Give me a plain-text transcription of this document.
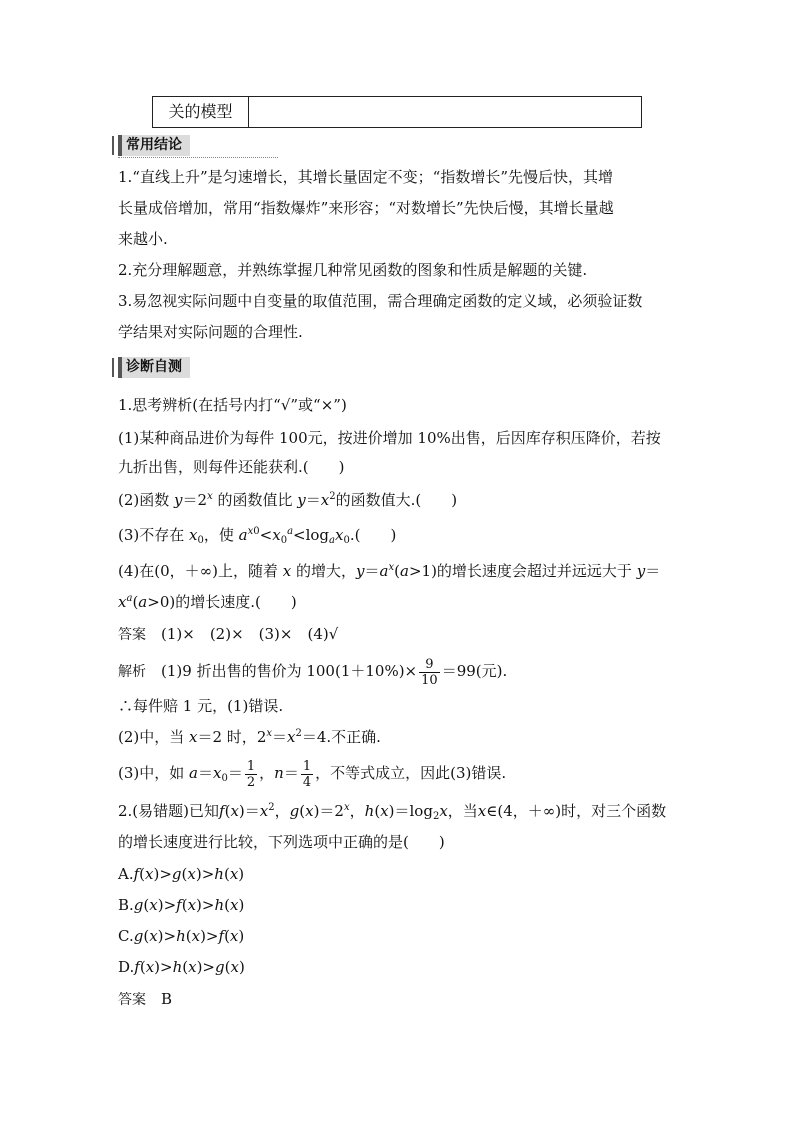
关的模型
常用结论
1.“直线上升”是匀速增长，其增长量固定不变；“指数增长”先慢后快，其增
长量成倍增加，常用“指数爆炸”来形容；“对数增长”先快后慢，其增长量越
来越小.
2.充分理解题意，并熟练掌握几种常见函数的图象和性质是解题的关键.
3.易忽视实际问题中自变量的取值范围，需合理确定函数的定义域，必须验证数
学结果对实际问题的合理性.
诊断自测
1.思考辨析(在括号内打“√”或“×”)
(1)某种商品进价为每件 100元，按进价增加 10%出售，后因库存积压降价，若按
九折出售，则每件还能获利.(　　)
(2)函数 $y=2^x$ 的函数值比 $y=x^2$的函数值大.(　　)
(3)不存在 $x_0$，使 $a^{x0}<x_0^a<\log_ax_0$.(　　)
(4)在(0，＋∞)上，随着 x 的增大，$y=a^x(a>1)$的增长速度会超过并远远大于 y＝
$x^a(a>0)$的增长速度.(　　)
答案　 (1)×　(2)×　(3)×　(4)√
解析　 (1)9 折出售的售价为 $100(1+10\%)\times \frac{9}{10} =99$(元).
∴每件赔 1 元，(1)错误.
(2)中，当 x＝2 时，$2^x=x^2=4$.不正确.
(3)中，如 $a=x_0= \frac{1}{2}$ ，$n= \frac{1}{4}$ ，不等式成立，因此(3)错误.
2.(易错题)已知$f(x)=x^2$，$g(x)=2^x$，$h(x)=\log_2x$，当x∈(4，＋∞)时，对三个函数
的增长速度进行比较，下列选项中正确的是(　　)
A.f(x)>g(x)>h(x)
B.g(x)>f(x)>h(x)
C.g(x)>h(x)>f(x)
D.f(x)>h(x)>g(x)
答案　 B
